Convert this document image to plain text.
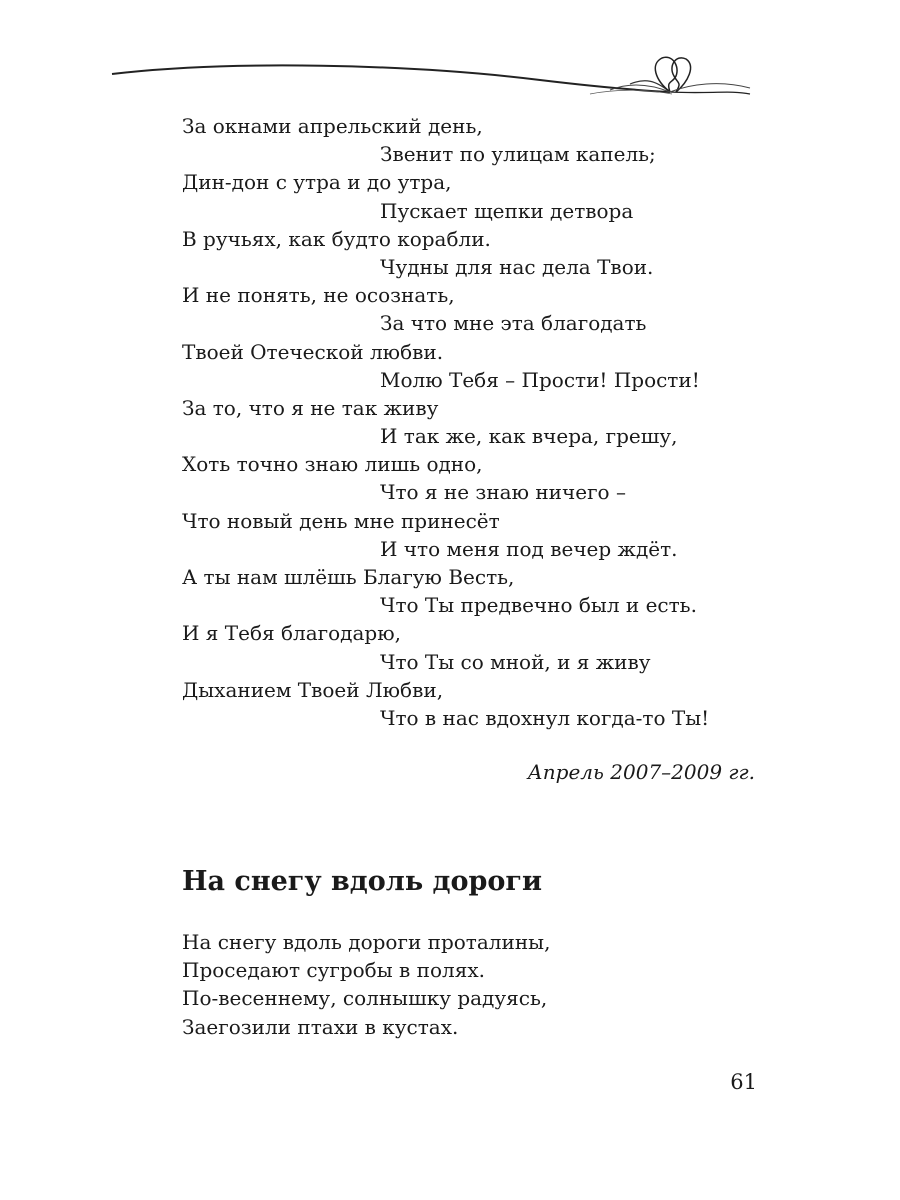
За окнами апрельский день,
Звенит по улицам капель;
Дин-дон с утра и до утра,
Пускает щепки детвора
В ручьях, как будто корабли.
Чудны для нас дела Твои.
И не понять, не осознать,
За что мне эта благодать
Твоей Отеческой любви.
Молю Тебя – Прости! Прости!
За то, что я не так живу
И так же, как вчера, грешу,
Хоть точно знаю лишь одно,
Что я не знаю ничего –
Что новый день мне принесёт
И что меня под вечер ждёт.
А ты нам шлёшь Благую Весть,
Что Ты предвечно был и есть.
И я Тебя благодарю,
Что Ты со мной, и я живу
Дыханием Твоей Любви,
Что в нас вдохнул когда-то Ты!
Апрель 2007–2009 гг.
На снегу вдоль дороги
На снегу вдоль дороги проталины,
Проседают сугробы в полях.
По-весеннему, солнышку радуясь,
Заегозили птахи в кустах.
61
